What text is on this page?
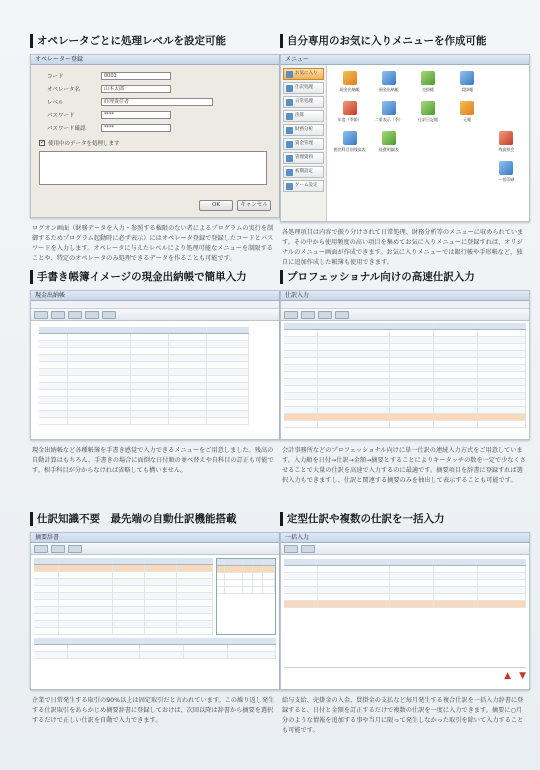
オペレータごとに処理レベルを設定可能
オペレーター登録
コード	0001
オペレータ名	山本太郎
レベル	経理責任者
パスワード	****
パスワード確認	****
✓
使用中のデータを処理します
OK	キャンセル
ログオン画面（財務データを入力・参照する権限のない者によるプログラムの実行を制御するためプログラム起動時に必ず表示）にはオペレータ登録で登録したコードとパスワードを入力します。オペレータに与えたレベルにより処理可能なメニューを制限することや、特定のオペレータのみ処理できるデータを作ることも可能です。
自分専用のお気に入りメニューを作成可能
メニュー
お気に入り
仕訳処理
日常処理
決算
財務分析
資金管理
管理資料
初期設定
ゲーム設定
現金出納帳	預金出納帳	売掛帳	買掛帳
年度（季節）	二重表示（季）	仕訳日記帳	元帳
勘定科目別残高表	経費明細表	残高照会
一括印刷
各処理項目は内容で振り分けされて日常処理、財務分析等のメニューに収められています。その中から使用頻度の高い項目を集めてお気に入りメニューに登録すれば、オリジナルのメニュー画面が作成できます。お気に入りメニューでは銀行帳や手形帳など、独自に追加作成した帳簿も使用できます。
手書き帳簿イメージの現金出納帳で簡単入力
現金出納帳
現金出納帳など各種帳簿を手書き感覚で入力できるメニューをご用意しました。残高の自動計算はもちろん、手書きの場合に面倒な日付順の並べ替えや自科目の訂正も可能です。相手科目が分からなければ省略しても構いません。
プロフェッショナル向けの高速仕訳入力
仕訳入力
会計事務所などのプロフェッショナル向けに単一仕訳の連続入力方式をご用意しています。入力順を日付→仕訳→金額→摘要とすることによりキータッチの数を一定で少なくさせることで大量の仕訳を高速で入力するのに最適です。摘要項目を辞書に登録すれば選択入力もできますし、仕訳と関連する摘要のみを抽出して表示することも可能です。
仕訳知識不要　最先端の自動仕訳機能搭載
摘要辞書
企業で日常発生する取引の90%以上は固定取引だと言われています。この繰り返し発生する仕訳取引をあらかじめ摘要辞書に登録しておけば、次回以降は辞書から摘要を選択するだけで正しい仕訳を自動で入力できます。
定型仕訳や複数の仕訳を一括入力
一括入力
▲ ▼
給与支給、売掛金の入金、買掛金の支払など毎月発生する複合仕訳を一括入力辞書に登録すると、日付と金額を訂正するだけで複数の仕訳を一度に入力できます。摘要に○月分のような情報を追加する事や当月に限って発生しなかった取引を除いて入力することも可能です。
